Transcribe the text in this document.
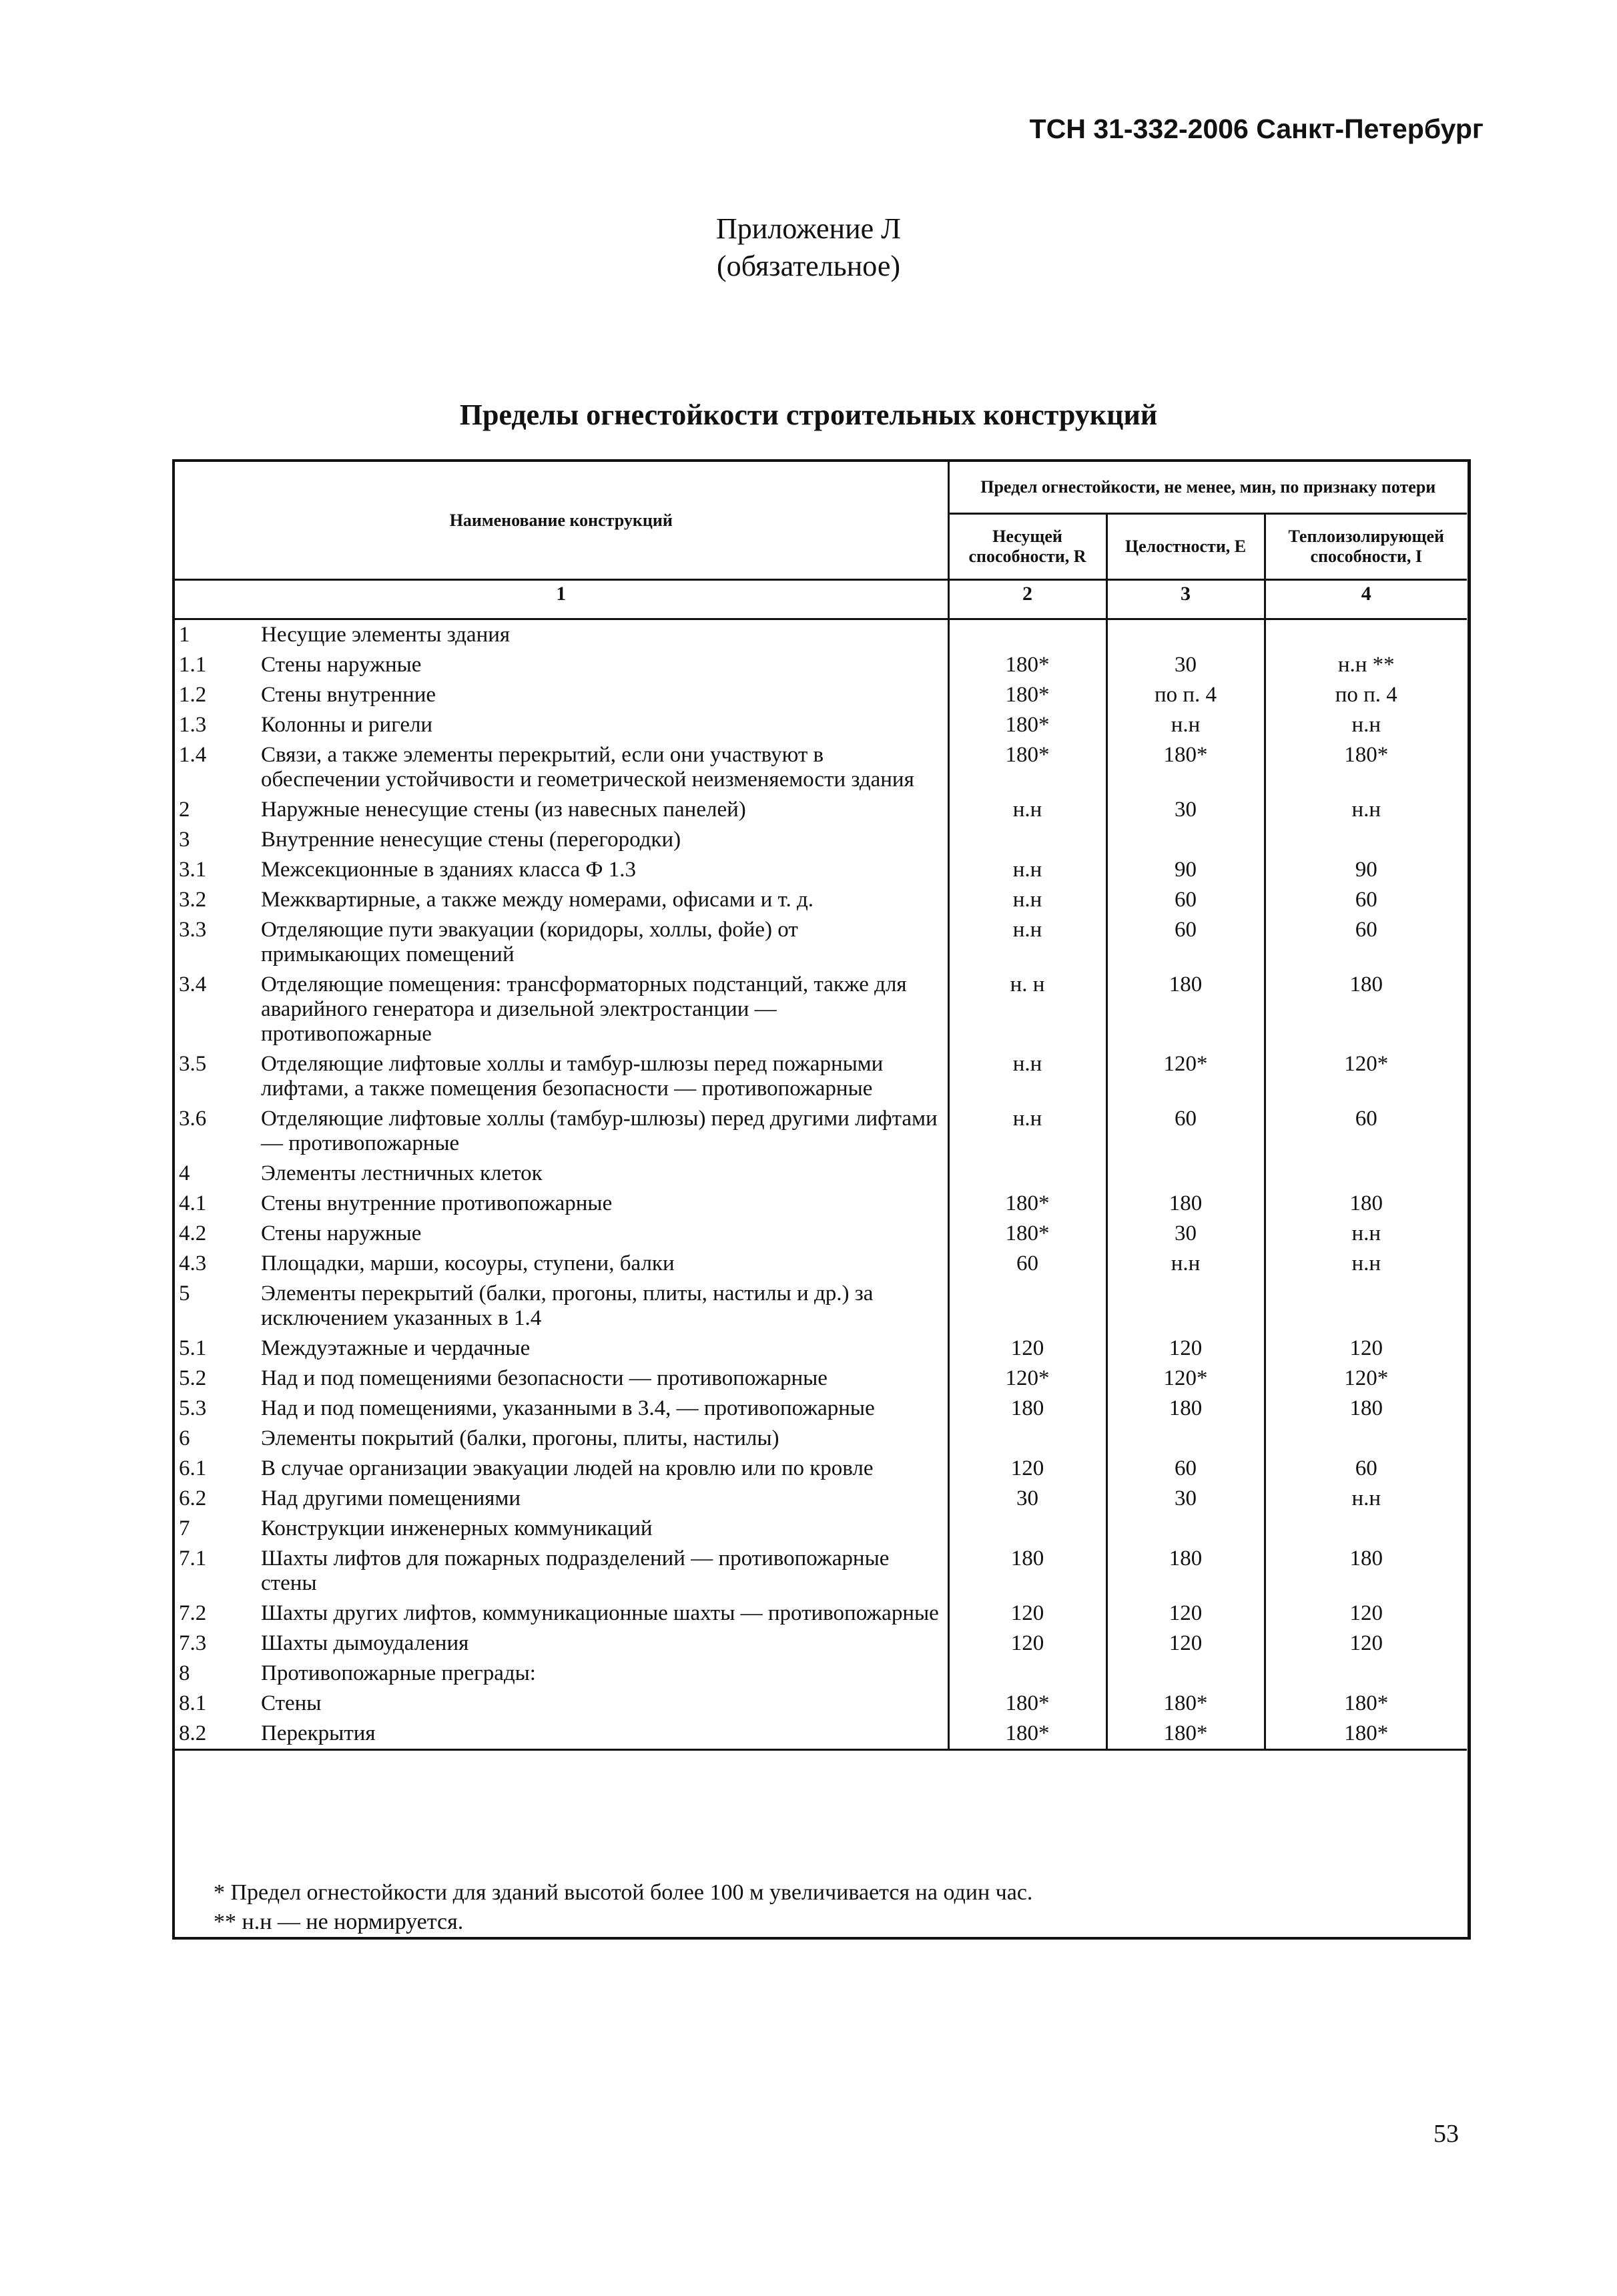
ТСН 31-332-2006 Санкт-Петербург
Приложение Л
(обязательное)
Пределы огнестойкости строительных конструкций
Наименование конструкций		Предел огнестойкости, не менее, мин, по признаку потери		
		Несущей способности, R	Целостности, E	Теплоизолирующей способности, I
1		2	3	4
1	Несущие элементы здания			
1.1	Стены наружные	180*	30	н.н **
1.2	Стены внутренние	180*	по п. 4	по п. 4
1.3	Колонны и ригели	180*	н.н	н.н
1.4	Связи, а также элементы перекрытий, если они участвуют в обеспечении устойчивости и геометрической неизменяемости здания	180*	180*	180*
2	Наружные ненесущие стены (из навесных панелей)	н.н	30	н.н
3	Внутренние ненесущие стены (перегородки)			
3.1	Межсекционные в зданиях класса Ф 1.3	н.н	90	90
3.2	Межквартирные, а также между номерами, офисами и т. д.	н.н	60	60
3.3	Отделяющие пути эвакуации (коридоры, холлы, фойе) от примыкающих помещений	н.н	60	60
3.4	Отделяющие помещения: трансформаторных подстанций, также для аварийного генератора и дизельной электростанции — противопожарные	н. н	180	180
3.5	Отделяющие лифтовые холлы и тамбур-шлюзы перед пожарными лифтами, а также помещения безопасности — противопожарные	н.н	120*	120*
3.6	Отделяющие лифтовые холлы (тамбур-шлюзы) перед другими лифтами — противопожарные	н.н	60	60
4	Элементы лестничных клеток			
4.1	Стены внутренние противопожарные	180*	180	180
4.2	Стены наружные	180*	30	н.н
4.3	Площадки, марши, косоуры, ступени, балки	60	н.н	н.н
5	Элементы перекрытий (балки, прогоны, плиты, настилы и др.) за исключением указанных в 1.4			
5.1	Междуэтажные и чердачные	120	120	120
5.2	Над и под помещениями безопасности — противопожарные	120*	120*	120*
5.3	Над и под помещениями, указанными в 3.4, — противопожарные	180	180	180
6	Элементы покрытий (балки, прогоны, плиты, настилы)			
6.1	В случае организации эвакуации людей на кровлю или по кровле	120	60	60
6.2	Над другими помещениями	30	30	н.н
7	Конструкции инженерных коммуникаций			
7.1	Шахты лифтов для пожарных подразделений — противопожарные стены	180	180	180
7.2	Шахты других лифтов, коммуникационные шахты — противопожарные	120	120	120
7.3	Шахты дымоудаления	120	120	120
8	Противопожарные преграды:			
8.1	Стены	180*	180*	180*
8.2	Перекрытия	180*	180*	180*
* Предел огнестойкости для зданий высотой более 100 м увеличивается на один час.
** н.н — не нормируется.
53
